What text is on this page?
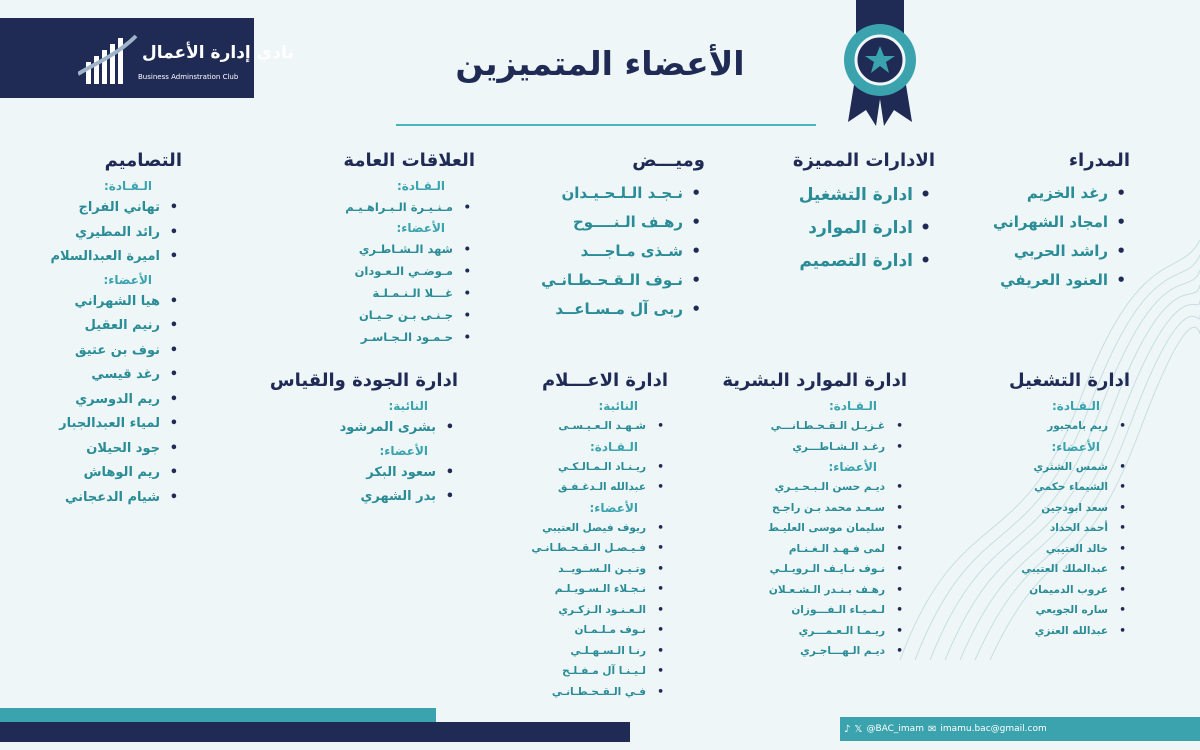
نادي إدارة الأعمال
Business Adminstration Club	الأعضاء المتميزين
المدراء
• رغد الخزيم
• امجاد الشهراني
• راشد الحربي
• العنود العريفي
الادارات المميزة
• ادارة التشغيل
• ادارة الموارد
• ادارة التصميم
وميـــض
• نـجـد الـلـحـيـدان
• رهـف الـنــــوح
• شـذى مـاجـــد
• نـوف الـقـحـطـانـي
• ربى آل مـسـاعــد
العلاقات العامة
الـقـادة:
• مـنـيـرة الـبـراهـيـم
الأعضاء:
• شهد الـشـاطـري
• مـوضـي الـعـودان
• غـــلا الـنـمـلـة
• جـنـى بـن حـيـان
• حـمـود الـجـاسـر
التصاميم
الـقـادة:
• تهاني الفراج
• رائد المطيري
• اميرة العبدالسلام
الأعضاء:
• هيا الشهراني
• رنيم العقيل
• نوف بن عتيق
• رغد قيسي
• ريم الدوسري
• لمياء العبدالجبار
• جود الحيلان
• ريم الوهاش
• شيام الدعجاني
ادارة التشغيل
الـقـادة:
• ريم بامجبور
الأعضاء:
• شمس الشثري
• الشيماء حكمي
• سعد ابودجين
• أحمد الحداد
• خالد العتيبي
• عبدالملك العتيبي
• عروب الدميمان
• ساره الجويعي
• عبدالله العنزي
ادارة الموارد البشرية
الـقـادة:
• غـزيـل الـقـحـطـانـــي
• رغـد الـشـاطـــري
الأعضاء:
• ديـم حسن الـبـحـيـري
• سـعـد محمد بـن راجـح
• سليمان موسى العليـط
• لمى فـهـد الـغـنـام
• نـوف نـايـف الـرويـلـي
• رهـف بـنـدر الـشـعـلان
• لـمـيـاء الـفـــوزان
• ريـمـا الـعـمـــري
• ديـم الـهـــاجـري
ادارة الاعـــلام
النائبة:
• شـهـد الـعـيـسـى
الـقـادة:
• ريـنـاد الـمـالـكـي
• عبدالله الـدغـفـق
الأعضاء:
• ريوف فيصل العتيبي
• فـيـصـل الـقـحـطـانـي
• وتـيـن الـســويــد
• نـجـلاء الـسـويـلـم
• الـعـنـود الـزكـري
• نـوف مـلـمـان
• رنـا الـسـهـلـي
• لـيـنـا آل مـفـلـح
• فـي الـقـحـطـانـي
ادارة الجودة والقياس
النائبة:
• بشرى المرشود
الأعضاء:
• سعود البكر
• بدر الشهري
♪ 𝕏 @BAC_imam ✉ imamu.bac@gmail.com
